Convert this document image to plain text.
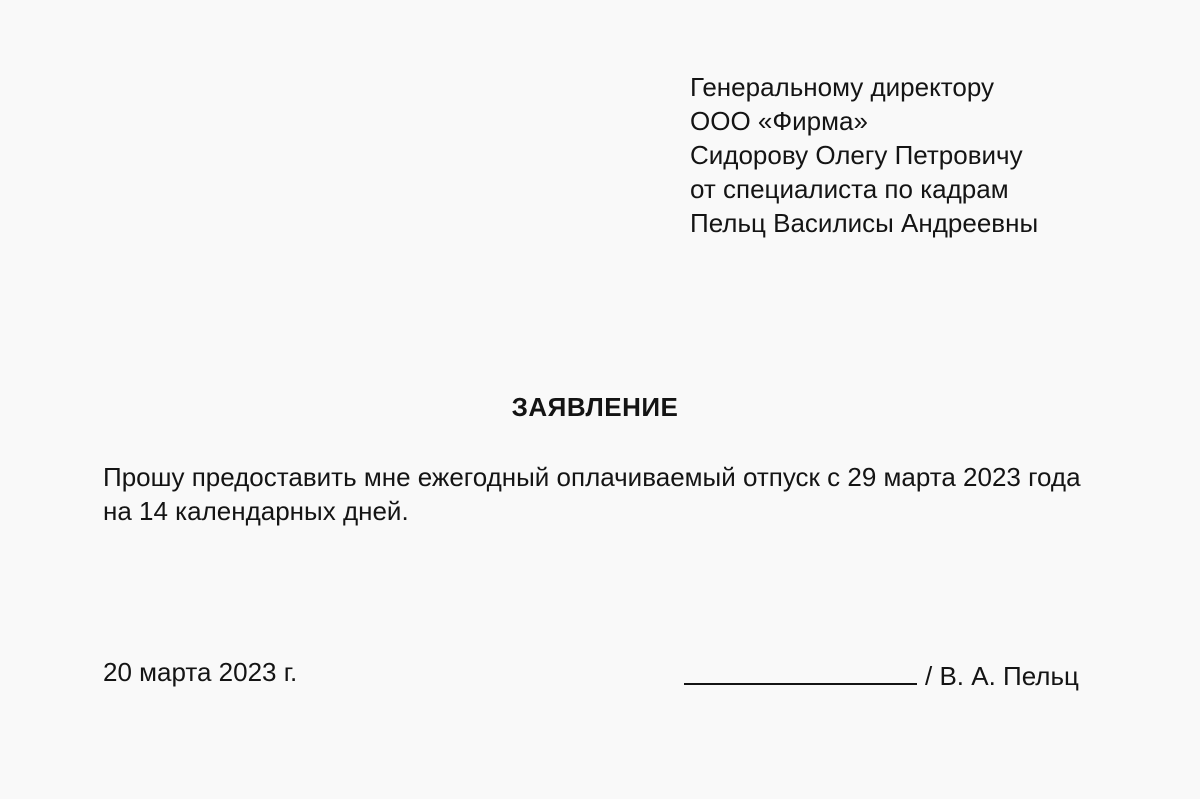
Генеральному директору
ООО «Фирма»
Сидорову Олегу Петровичу
от специалиста по кадрам
Пельц Василисы Андреевны
ЗАЯВЛЕНИЕ
Прошу предоставить мне ежегодный оплачиваемый отпуск с 29 марта 2023 года
на 14 календарных дней.
20 марта 2023 г.	/ В. А. Пельц
